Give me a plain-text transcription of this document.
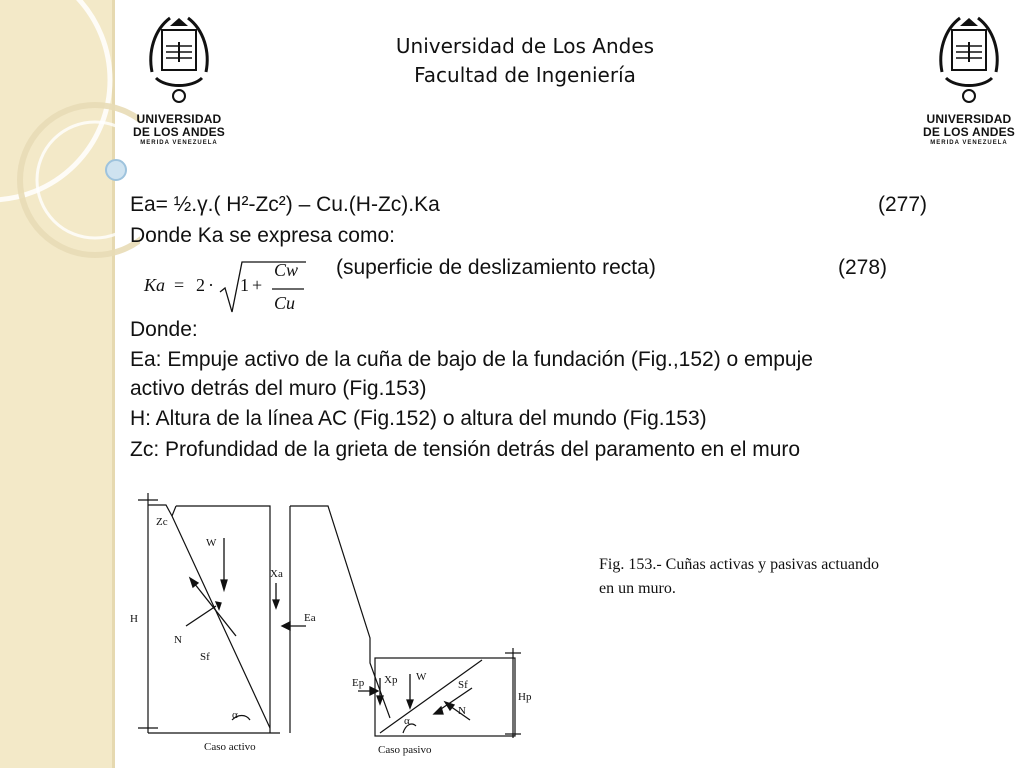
UNIVERSIDAD
DE LOS ANDES
MERIDA VENEZUELA
UNIVERSIDAD
DE LOS ANDES
MERIDA VENEZUELA
Universidad de Los Andes
Facultad de Ingeniería
Ea= ½.γ.( H²-Zc²) – Cu.(H-Zc).Ka	(277)
Donde Ka se expresa como:
Ka = 2 · 1 +
Cw
Cu
(superficie de deslizamiento recta)	(278)
Donde:
Ea: Empuje activo de la cuña de bajo de la fundación (Fig.,152) o empuje
activo detrás del muro (Fig.153)
H: Altura de la línea AC (Fig.152) o altura del mundo (Fig.153)
Zc: Profundidad de la grieta de tensión detrás del paramento en el muro
Zc
W
Xa
H	Ea
N
Sf
α
Caso activo
Ep Xp W
Sf
N
α
Hp
Caso pasivo
Fig. 153.- Cuñas activas y pasivas actuando
en un muro.
